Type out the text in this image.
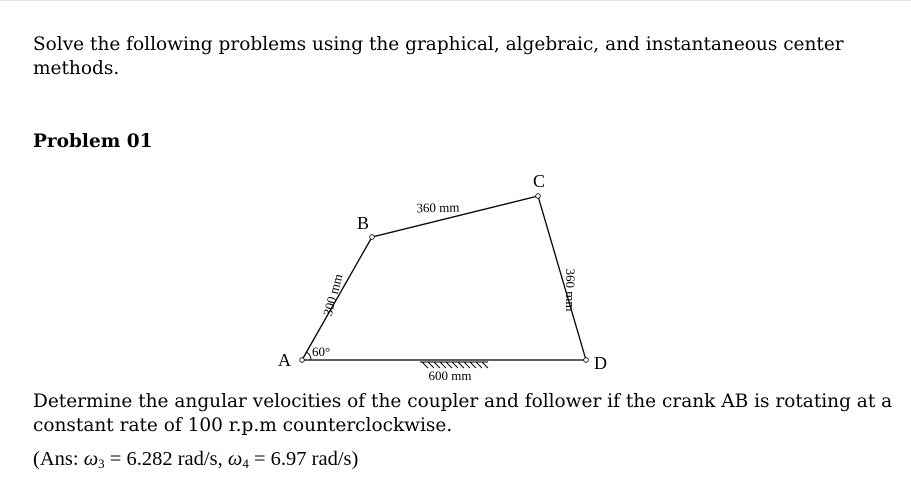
Solve the following problems using the graphical, algebraic, and instantaneous center methods.
Problem 01
A
B
C
D
60°
300 mm
360 mm
360 mm
600 mm
Determine the angular velocities of the coupler and follower if the crank AB is rotating at a constant rate of 100 r.p.m counterclockwise.
(Ans: $\omega_3 = 6.282$ rad/s, $\omega_4 = 6.97$ rad/s)
